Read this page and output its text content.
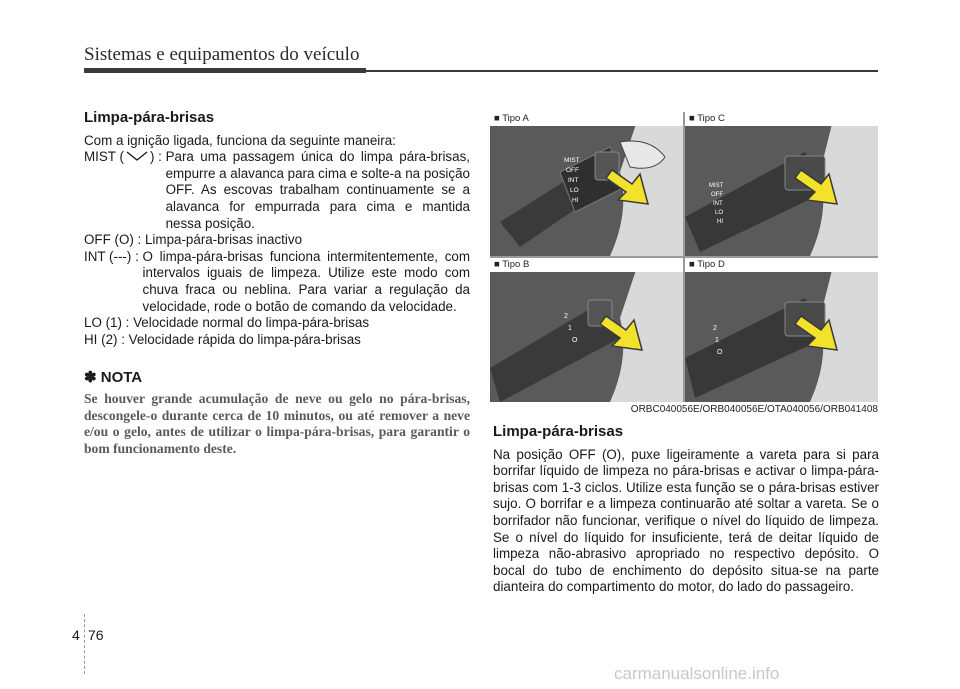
Sistemas e equipamentos do veículo
Limpa-pára-brisas

Com a ignição ligada, funciona da seguinte maneira:

MIST ( ) : Para uma passagem única do limpa pára-brisas, empurre a alavanca para cima e solte-a na posição OFF. As escovas trabalham continuamente se a alavanca for empurrada para cima e mantida nessa posição.

OFF (O) : Limpa-pára-brisas inactivo

INT (---) : O limpa-pára-brisas funciona intermitentemente, com intervalos iguais de limpeza. Utilize este modo com chuva fraca ou neblina. Para variar a regulação da velocidade, rode o botão de comando da velocidade.

LO (1) : Velocidade normal do limpa-pára-brisas

HI (2) : Velocidade rápida do limpa-pára-brisas

✽ NOTA

Se houver grande acumulação de neve ou gelo no pára-brisas, descongele-o durante cerca de 10 minutos, ou até remover a neve e/ou o gelo, antes de utilizar o limpa-pára-brisas, para garantir o bom funcionamento deste.

MIST
OFF
INT
LO
HI
■ Tipo A
MIST
OFF
INT
LO
HI
■ Tipo C
2
1
O
■ Tipo B
2
1
O
■ Tipo D
ORBC040056E/ORB040056E/OTA040056/ORB041408
Limpa-pára-brisas

Na posição OFF (O), puxe ligeiramente a vareta para si para borrifar líquido de limpeza no pára-brisas e activar o limpa-pára-brisas com 1-3 ciclos. Utilize esta função se o pára-brisas estiver sujo. O borrifar e a limpeza continuarão até soltar a vareta. Se o borrifador não funcionar, verifique o nível do líquido de limpeza. Se o nível do líquido for insuficiente, terá de deitar líquido de limpeza não-abrasivo apropriado no respectivo depósito. O bocal do tubo de enchimento do depósito situa-se na parte dianteira do compartimento do motor, do lado do passageiro.

4 76
carmanualsonline.info
